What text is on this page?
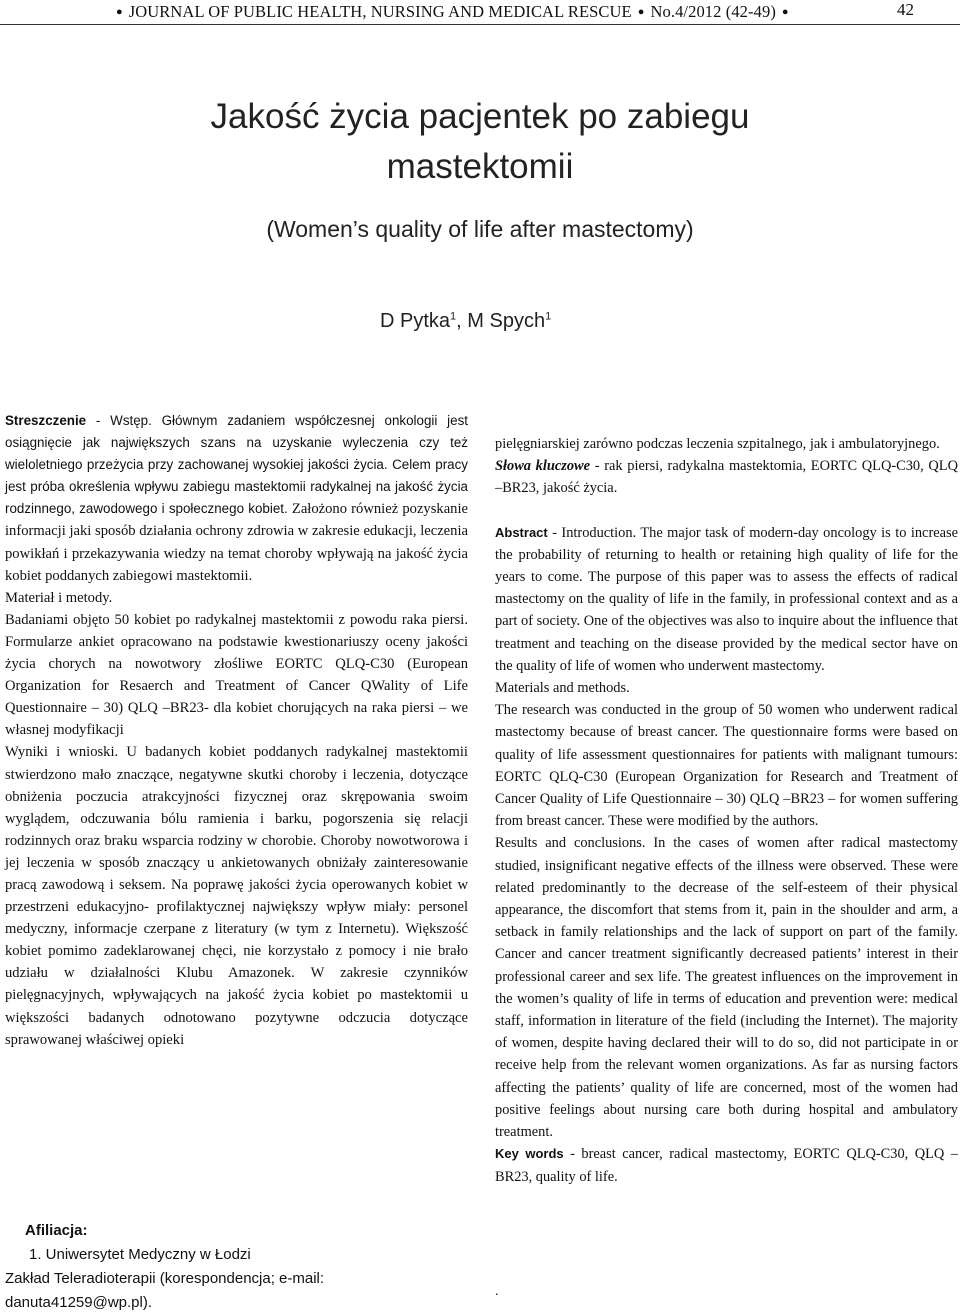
● JOURNAL OF PUBLIC HEALTH, NURSING AND MEDICAL RESCUE ● No.4/2012 (42-49) ●	42
Jakość życia pacjentek po zabiegu
mastektomii
(Women’s quality of life after mastectomy)
D Pytka$^1$, M Spych$^1$

Streszczenie - Wstęp. Głównym zadaniem współczesnej onkologii jest osiągnięcie jak największych szans na uzyskanie wyleczenia czy też wieloletniego przeżycia przy zachowanej wysokiej jakości życia. Celem pracy jest próba określenia wpływu zabiegu mastektomii radykalnej na jakość życia rodzinnego, zawodowego i społecznego kobiet. Założono również pozyskanie informacji jaki sposób działania ochrony zdrowia w zakresie edukacji, leczenia powikłań i przekazywania wiedzy na temat choroby wpływają na jakość życia kobiet poddanych zabiegowi mastektomii.

Materiał i metody.

Badaniami objęto 50 kobiet po radykalnej mastektomii z powodu raka piersi. Formularze ankiet opracowano na podstawie kwestionariuszy oceny jakości życia chorych na nowotwory złośliwe EORTC QLQ-C30 (European Organization for Resaerch and Treatment of Cancer QWality of Life Questionnaire – 30) QLQ –BR23- dla kobiet chorujących na raka piersi – we własnej modyfikacji

Wyniki i wnioski. U badanych kobiet poddanych radykalnej mastektomii stwierdzono mało znaczące, negatywne skutki choroby i leczenia, dotyczące obniżenia poczucia atrakcyjności fizycznej oraz skrępowania swoim wyglądem, odczuwania bólu ramienia i barku, pogorszenia się relacji rodzinnych oraz braku wsparcia rodziny w chorobie. Choroby nowotworowa i jej leczenia w sposób znaczący u ankietowanych obniżały zainteresowanie pracą zawodową i seksem. Na poprawę jakości życia operowanych kobiet w przestrzeni edukacyjno- profilaktycznej największy wpływ miały: personel medyczny, informacje czerpane z literatury (w tym z Internetu). Większość kobiet pomimo zadeklarowanej chęci, nie korzystało z pomocy i nie brało udziału w działalności Klubu Amazonek. W zakresie czynników pielęgnacyjnych, wpływających na jakość życia kobiet po mastektomii u większości badanych odnotowano pozytywne odczucia dotyczące sprawowanej właściwej opieki

pielęgniarskiej zarówno podczas leczenia szpitalnego, jak i ambulatoryjnego.

Słowa kluczowe - rak piersi, radykalna mastektomia, EORTC QLQ-C30, QLQ –BR23, jakość życia.

Abstract - Introduction. The major task of modern-day oncology is to increase the probability of returning to health or retaining high quality of life for the years to come. The purpose of this paper was to assess the effects of radical mastectomy on the quality of life in the family, in professional context and as a part of society. One of the objectives was also to inquire about the influence that treatment and teaching on the disease provided by the medical sector have on the quality of life of women who underwent mastectomy.

Materials and methods.

The research was conducted in the group of 50 women who underwent radical mastectomy because of breast cancer. The questionnaire forms were based on quality of life assessment questionnaires for patients with malignant tumours: EORTC QLQ-C30 (European Organization for Research and Treatment of Cancer Quality of Life Questionnaire – 30) QLQ –BR23 – for women suffering from breast cancer. These were modified by the authors.

Results and conclusions. In the cases of women after radical mastectomy studied, insignificant negative effects of the illness were observed. These were related predominantly to the decrease of the self-esteem of their physical appearance, the discomfort that stems from it, pain in the shoulder and arm, a setback in family relationships and the lack of support on part of the family. Cancer and cancer treatment significantly decreased patients’ interest in their professional career and sex life. The greatest influences on the improvement in the women’s quality of life in terms of education and prevention were: medical staff, information in literature of the field (including the Internet). The majority of women, despite having declared their will to do so, did not participate in or receive help from the relevant women organizations. As far as nursing factors affecting the patients’ quality of life are concerned, most of the women had positive feelings about nursing care both during hospital and ambulatory treatment.

Key words - breast cancer, radical mastectomy, EORTC QLQ-C30, QLQ –BR23, quality of life.

.
Afiliacja:
1. Uniwersytet Medyczny w Łodzi
Zakład Teleradioterapii (korespondencja; e-mail: danuta41259@wp.pl).
